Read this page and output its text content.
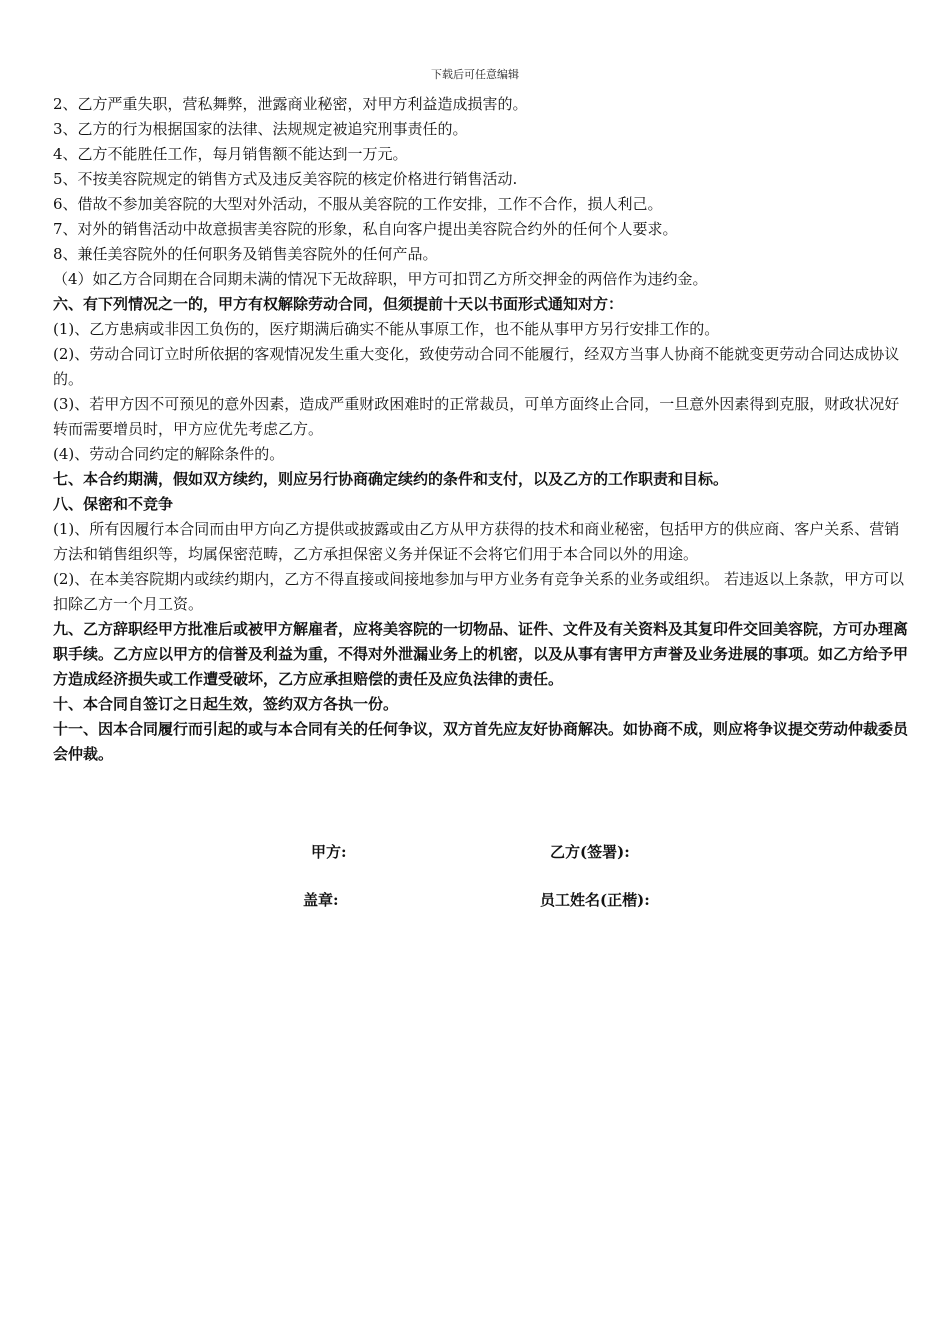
下载后可任意编辑

2、乙方严重失职，营私舞弊，泄露商业秘密，对甲方利益造成损害的。

3、乙方的行为根据国家的法律、法规规定被追究刑事责任的。

4、乙方不能胜任工作，每月销售额不能达到一万元。

5、不按美容院规定的销售方式及违反美容院的核定价格进行销售活动.

6、借故不参加美容院的大型对外活动，不服从美容院的工作安排，工作不合作，损人利己。

7、对外的销售活动中故意损害美容院的形象，私自向客户提出美容院合约外的任何个人要求。

8、兼任美容院外的任何职务及销售美容院外的任何产品。

（4）如乙方合同期在合同期未满的情况下无故辞职，甲方可扣罚乙方所交押金的两倍作为违约金。

六、有下列情况之一的，甲方有权解除劳动合同，但须提前十天以书面形式通知对方：

(1)、乙方患病或非因工负伤的，医疗期满后确实不能从事原工作，也不能从事甲方另行安排工作的。

(2)、劳动合同订立时所依据的客观情况发生重大变化，致使劳动合同不能履行，经双方当事人协商不能就变更劳动合同达成协议的。

(3)、若甲方因不可预见的意外因素，造成严重财政困难时的正常裁员，可单方面终止合同，一旦意外因素得到克服，财政状况好转而需要增员时，甲方应优先考虑乙方。

(4)、劳动合同约定的解除条件的。

七、本合约期满，假如双方续约，则应另行协商确定续约的条件和支付，以及乙方的工作职责和目标。

八、保密和不竞争

(1)、所有因履行本合同而由甲方向乙方提供或披露或由乙方从甲方获得的技术和商业秘密，包括甲方的供应商、客户关系、营销方法和销售组织等，均属保密范畴，乙方承担保密义务并保证不会将它们用于本合同以外的用途。

(2)、在本美容院期内或续约期内，乙方不得直接或间接地参加与甲方业务有竞争关系的业务或组织。 若违返以上条款，甲方可以扣除乙方一个月工资。

九、乙方辞职经甲方批准后或被甲方解雇者，应将美容院的一切物品、证件、文件及有关资料及其复印件交回美容院，方可办理离职手续。乙方应以甲方的信誉及利益为重，不得对外泄漏业务上的机密，以及从事有害甲方声誉及业务进展的事项。如乙方给予甲方造成经济损失或工作遭受破坏，乙方应承担赔偿的责任及应负法律的责任。

十、本合同自签订之日起生效，签约双方各执一份。

十一、因本合同履行而引起的或与本合同有关的任何争议，双方首先应友好协商解决。如协商不成，则应将争议提交劳动仲裁委员会仲裁。

甲方:	乙方(签署):
盖章:	员工姓名(正楷):
